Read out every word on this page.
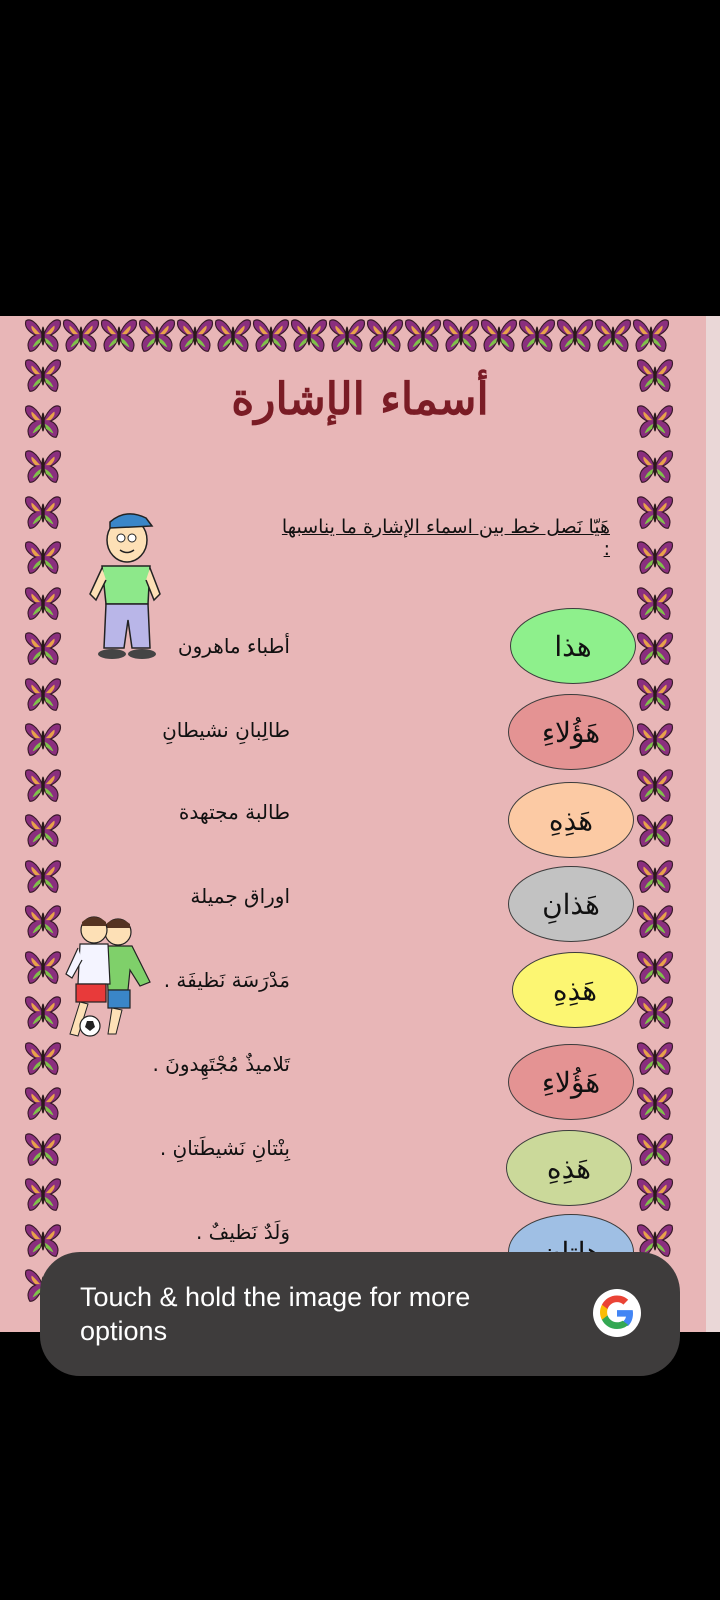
أسماء الإشارة
هَيّا نَصل خط بين اسماء الإشارة ما يناسبها :
أطباء ماهرون
طالِبانِ نشيطانِ
طالبة مجتهدة
اوراق جميلة
مَدْرَسَة نَظيفَة .
تَلاميذٌ مُجْتَهِدونَ .
بِنْتانِ نَشيطَتانِ .
وَلَدٌ نَظيفٌ .
هذا
هَؤُلاءِ
هَذِهِ
هَذانِ
هَذِهِ
هَؤُلاءِ
هَذِهِ
Touch & hold the image for more options
